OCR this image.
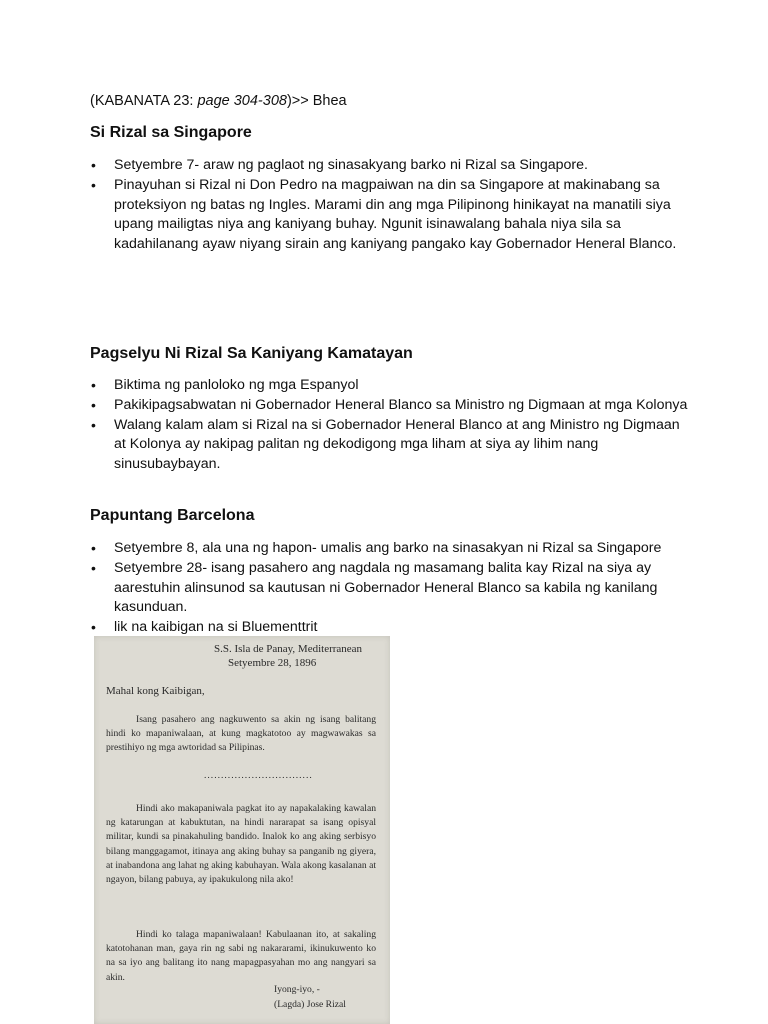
(KABANATA 23: page 304-308)>> Bhea
Si Rizal sa Singapore
• Setyembre 7- araw ng paglaot ng sinasakyang barko ni Rizal sa Singapore.
• Pinayuhan si Rizal ni Don Pedro na magpaiwan na din sa Singapore at makinabang sa proteksiyon ng batas ng Ingles. Marami din ang mga Pilipinong hinikayat na manatili siya upang mailigtas niya ang kaniyang buhay. Ngunit isinawalang bahala niya sila sa kadahilanang ayaw niyang sirain ang kaniyang pangako kay Gobernador Heneral Blanco.
Pagselyu Ni Rizal Sa Kaniyang Kamatayan
• Biktima ng panloloko ng mga Espanyol
• Pakikipagsabwatan ni Gobernador Heneral Blanco sa Ministro ng Digmaan at mga Kolonya
• Walang kalam alam si Rizal na si Gobernador Heneral Blanco at ang Ministro ng Digmaan at Kolonya ay nakipag palitan ng dekodigong mga liham at siya ay lihim nang sinusubaybayan.
Papuntang Barcelona
• Setyembre 8, ala una ng hapon- umalis ang barko na sinasakyan ni Rizal sa Singapore
• Setyembre 28- isang pasahero ang nagdala ng masamang balita kay Rizal na siya ay aarestuhin alinsunod sa kautusan ni Gobernador Heneral Blanco sa kabila ng kanilang kasunduan.
• lik na kaibigan na si Bluementtrit
S.S. Isla de Panay, Mediterranean
Setyembre 28, 1896
Mahal kong Kaibigan,
Isang pasahero ang nagkuwento sa akin ng isang balitang hindi ko mapaniwalaan, at kung magkatotoo ay magwawakas sa prestihiyo ng mga awtoridad sa Pilipinas.
................................
Hindi ako makapaniwala pagkat ito ay napakalaking kawalan ng katarungan at kabuktutan, na hindi nararapat sa isang opisyal militar, kundi sa pinakahuling bandido. Inalok ko ang aking serbisyo bilang manggagamot, itinaya ang aking buhay sa panganib ng giyera, at inabandona ang lahat ng aking kabuhayan. Wala akong kasalanan at ngayon, bilang pabuya, ay ipakukulong nila ako!
Hindi ko talaga mapaniwalaan! Kabulaanan ito, at sakaling katotohanan man, gaya rin ng sabi ng nakararami, ikinukuwento ko na sa iyo ang balitang ito nang mapagpasyahan mo ang nangyari sa akin.
Iyong-iyo, -
(Lagda) Jose Rizal
